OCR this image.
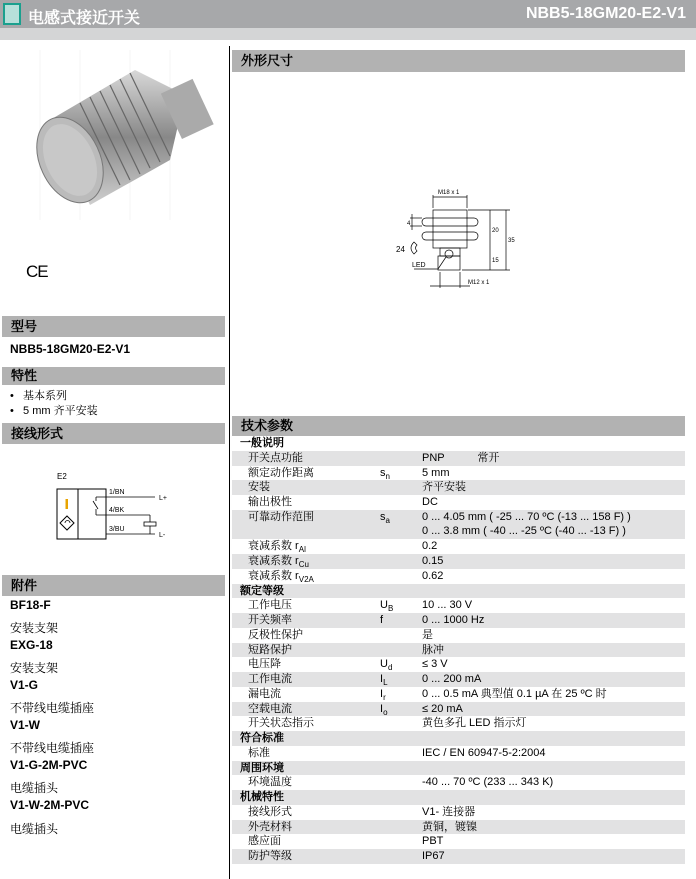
电感式接近开关	NBB5-18GM20-E2-V1
CE
型号
NBB5-18GM20-E2-V1
特性
•   基本系列
•   5 mm 齐平安装
接线形式
E2
1/BN
4/BK
3/BU
L+
L-
附件
BF18-F
安装支架
EXG-18
安装支架
V1-G
不带线电缆插座
V1-W
不带线电缆插座
V1-G-2M-PVC
电缆插头
V1-W-2M-PVC
电缆插头
外形尺寸
M18 x 1
M12 x 1
4
24
LED
20
35
15
技术参数
一般说明		
开关点功能		PNP　　　常开

额定动作距离	$s_n$	5 mm

安装		齐平安装

输出极性		DC

可靠动作范围	$s_a$	0 ... 4.05 mm ( -25 ... 70 ºC (-13 ... 158 F) )
0 ... 3.8 mm ( -40 ... -25 ºC (-40 ... -13 F) )

衰减系数 $r_{Al}$		0.2

衰减系数 $r_{Cu}$		0.15

衰减系数 $r_{V2A}$		0.62

额定等级		
工作电压	$U_B$	10 ... 30 V

开关频率	f	0 ... 1000 Hz

反极性保护		是

短路保护		脉冲

电压降	$U_d$	≤ 3 V

工作电流	$I_L$	0 ... 200 mA

漏电流	$I_r$	0 ... 0.5 mA 典型值 0.1 µA 在 25 ºC 时

空载电流	$I_o$	≤ 20 mA

开关状态指示		黄色多孔 LED 指示灯

符合标准		
标准		IEC / EN 60947-5-2:2004

周围环境		
环境温度		-40 ... 70 ºC (233 ... 343 K)

机械特性		
接线形式		V1- 连接器

外壳材料		黄铜，镀镍

感应面		PBT

防护等级		IP67
